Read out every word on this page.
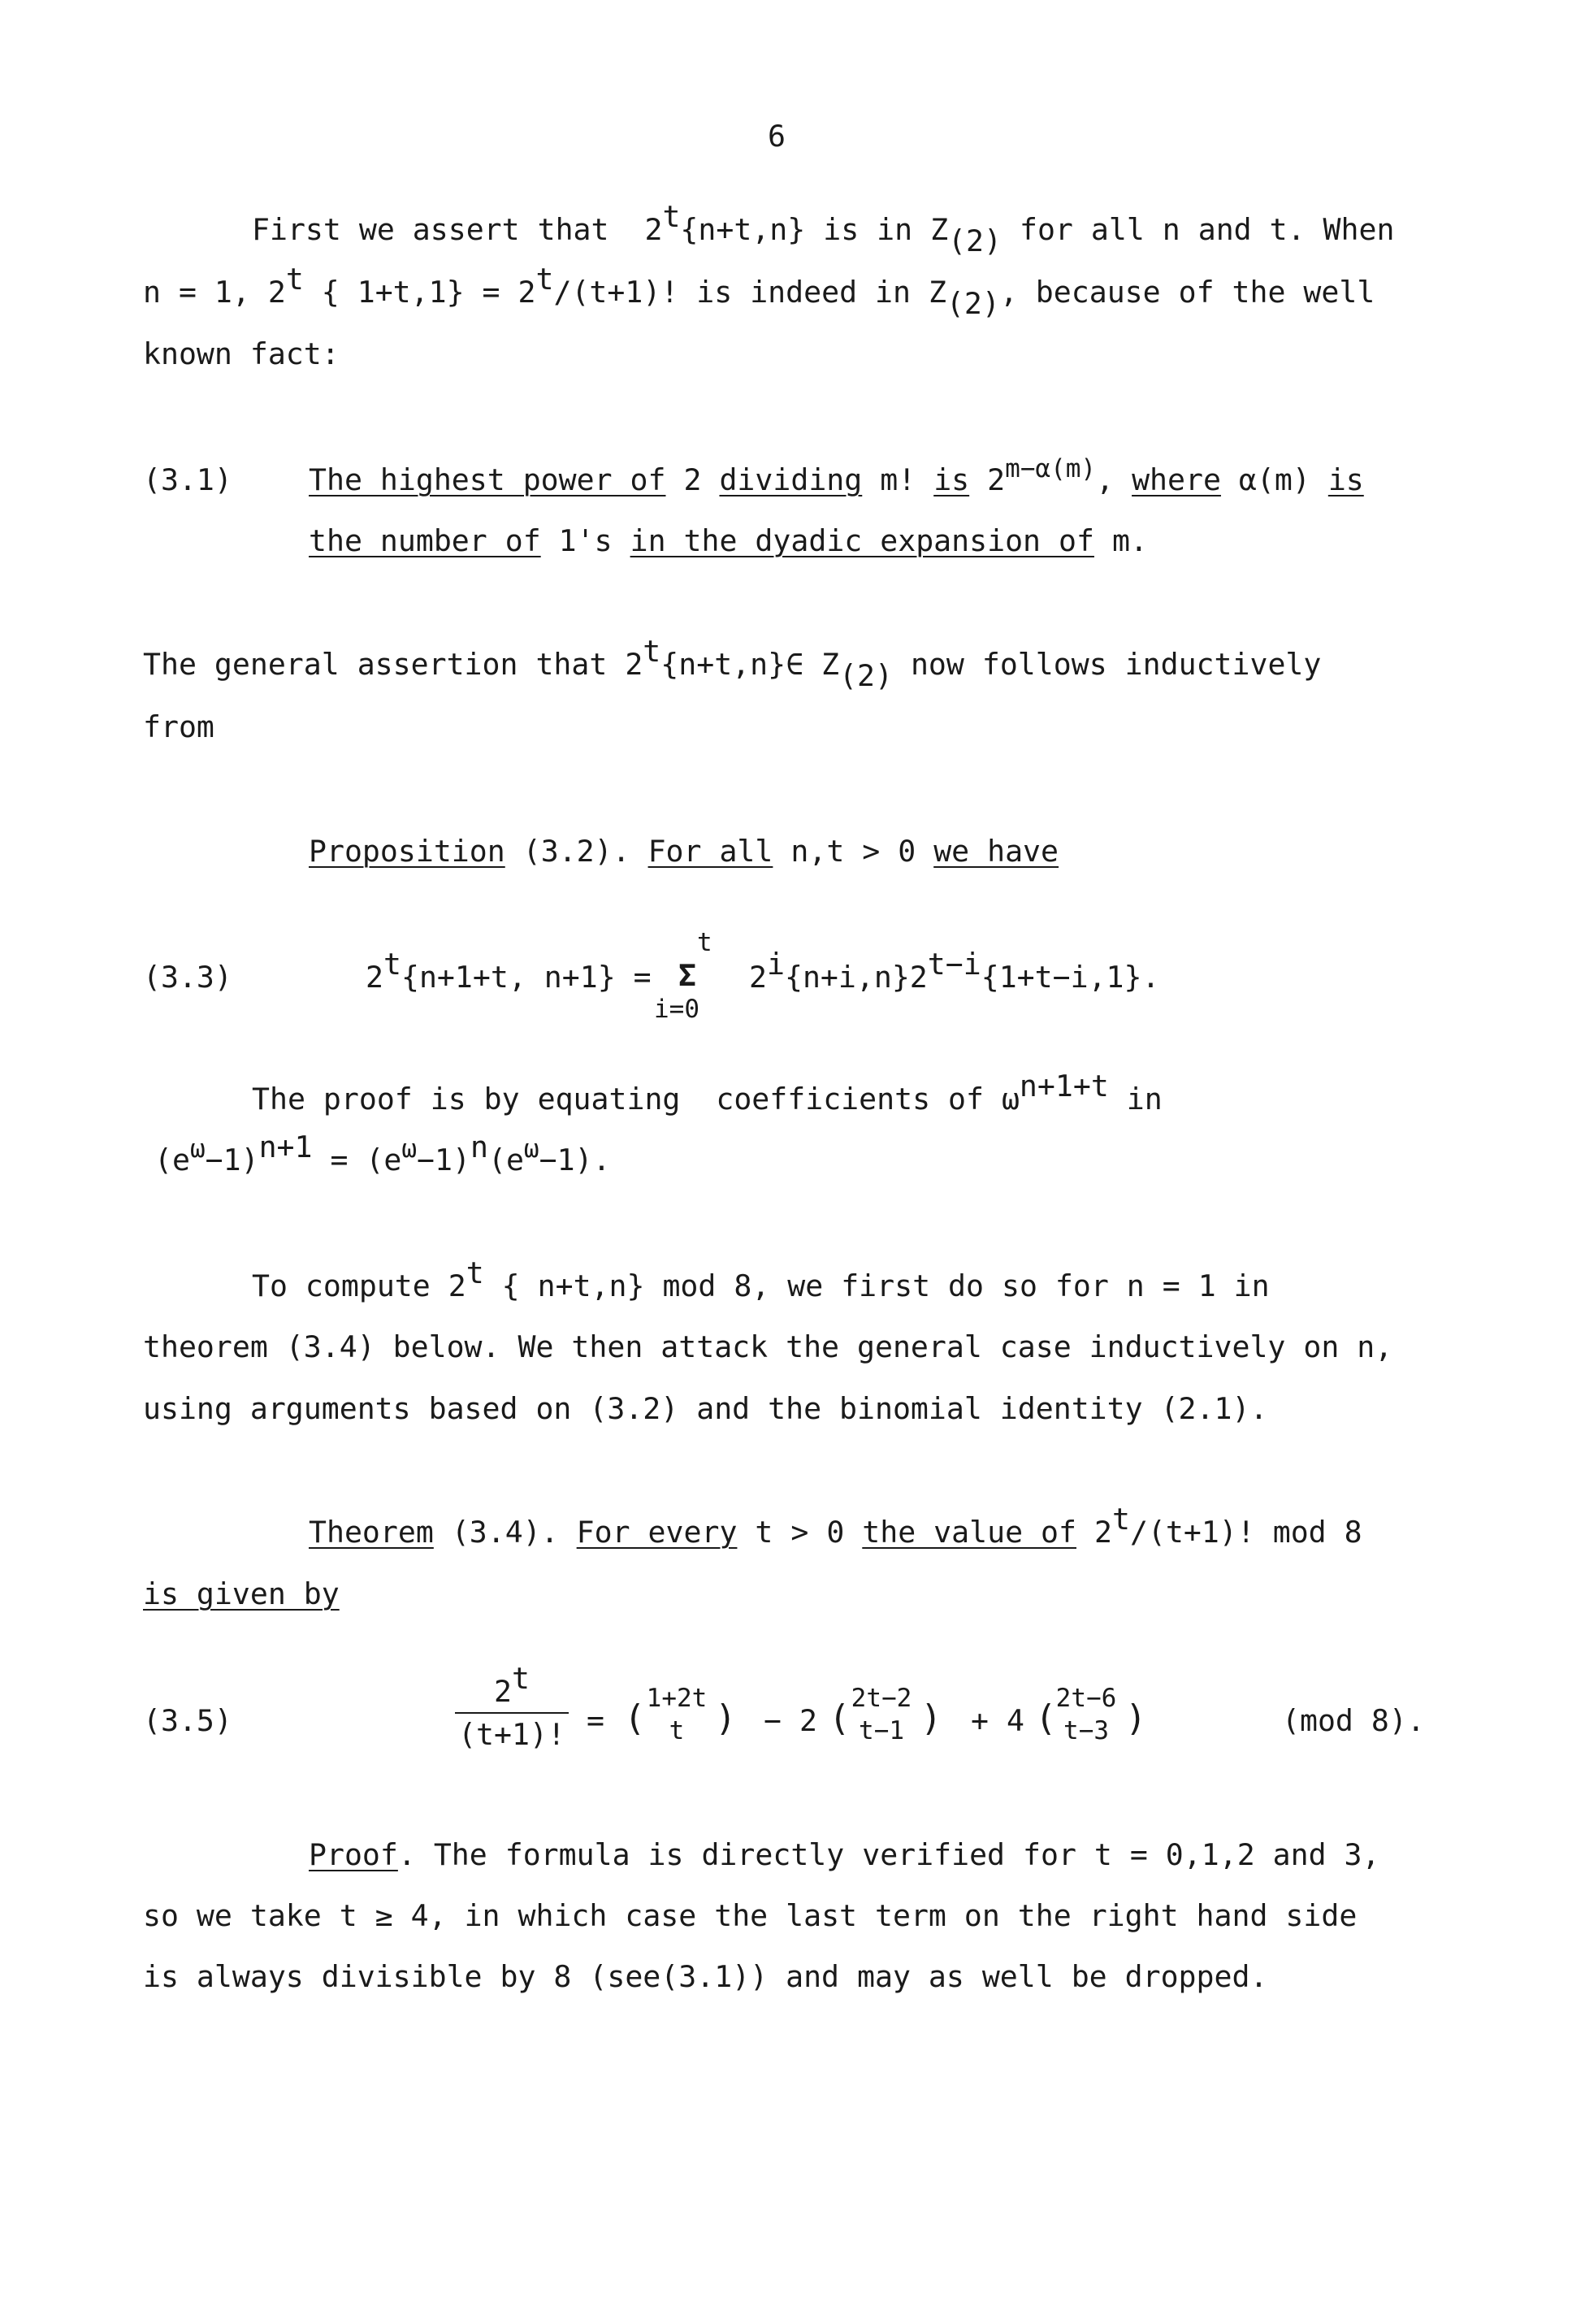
6
First we assert that 2t{n+t,n} is in Z(2) for all n and t. When
n = 1, 2t { 1+t,1} = 2t/(t+1)! is indeed in Z(2), because of the well
known fact:
(3.1)	The highest power of 2 dividing m! is $2^{m-\alpha(m)}$, where α(m) is
the number of 1's in the dyadic expansion of m.
The general assertion that 2t{n+t,n}∈ Z(2) now follows inductively
from
Proposition (3.2). For all n,t > 0 we have
(3.3)	2t{n+1+t, n+1} =
t
Σ
i=0
2i{n+i,n}2t−i{1+t−i,1}.
The proof is by equating  coefficients of ωn+1+t in
$(e^\omega-1)n+1 = (e^\omega-1)n(e^\omega-1)$.
To compute 2t { n+t,n} mod 8, we first do so for n = 1 in
theorem (3.4) below. We then attack the general case inductively on n,
using arguments based on (3.2) and the binomial identity (2.1).
Theorem (3.4). For every t > 0 the value of 2t/(t+1)! mod 8
is given by
(3.5)
2t
(t+1)! = ( 1+2t
t ) − 2 ( 2t−2
t−1 ) + 4 ( 2t−6
t−3 )	(mod 8).
Proof. The formula is directly verified for t = 0,1,2 and 3,
so we take t ≥ 4, in which case the last term on the right hand side
is always divisible by 8 (see(3.1)) and may as well be dropped.
